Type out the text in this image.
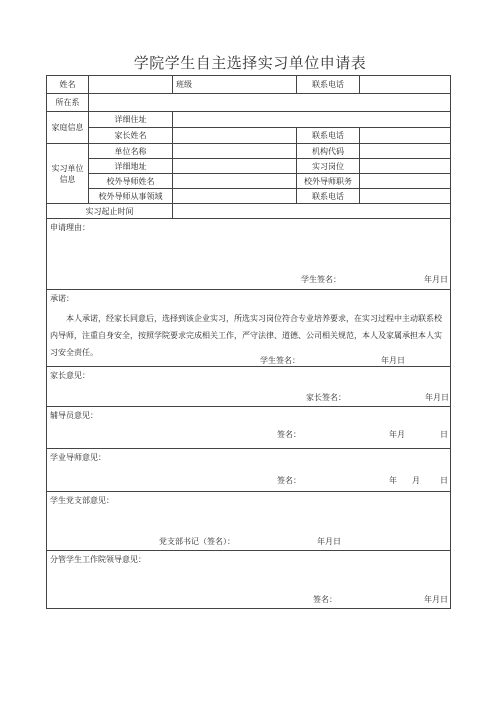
学院学生自主选择实习单位申请表
姓名		班级	联系电话	
所在系				
家庭信息	详细住址			
	家长姓名		联系电话	
实习单位信息	单位名称		机构代码	
	详细地址		实习岗位	
	校外导师姓名		校外导师职务	
	校外导师从事领域		联系电话	
实习起止时间				

申请理由：
学生签名： 年月日				

承诺：
本人承诺，经家长同意后，选择到该企业实习，所选实习岗位符合专业培养要求，在实习过程中主动联系校内导师，注重自身安全，按照学院要求完成相关工作，严守法律、道德、公司相关规范，本人及家属承担本人实习安全责任。
学生签名： 年月日				

家长意见：
家长签名： 年月日				

辅导员意见：
签名： 年月 日				

学业导师意见：
签名： 年 月 日				

学生党支部意见：
党支部书记（签名）： 年月日				

分管学生工作院领导意见：
签名： 年月日				
